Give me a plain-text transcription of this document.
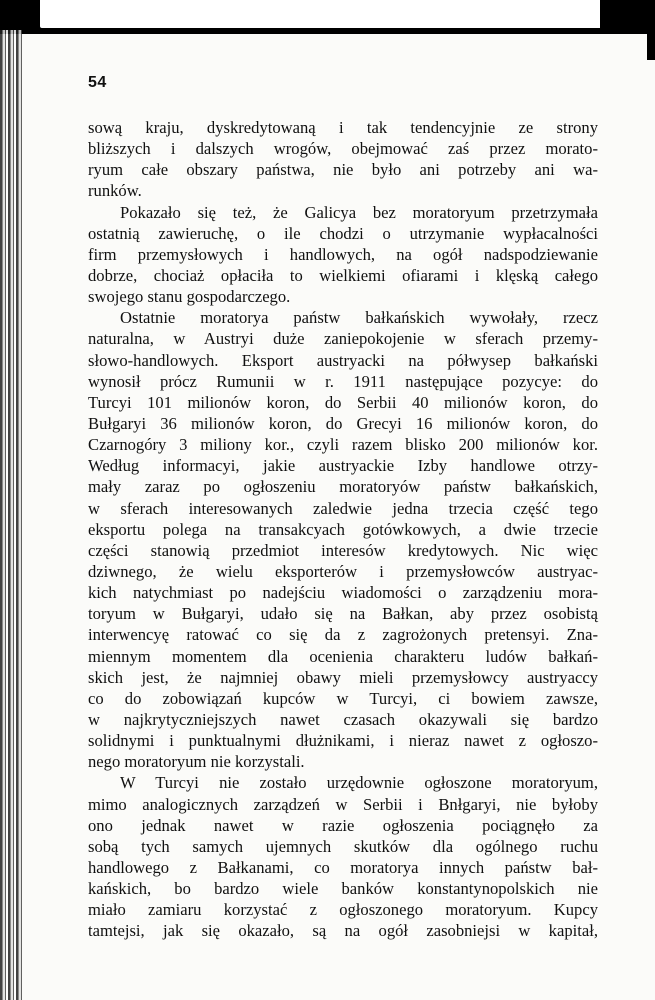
54
sową kraju, dyskredytowaną i tak tendencyjnie ze strony
bliższych i dalszych wrogów, obejmować zaś przez morato-
ryum całe obszary państwa, nie było ani potrzeby ani wa-
runków.
Pokazało się też, że Galicya bez moratoryum przetrzymała
ostatnią zawieruchę, o ile chodzi o utrzymanie wypłacalności
firm przemysłowych i handlowych, na ogół nadspodziewanie
dobrze, chociaż opłaciła to wielkiemi ofiarami i klęską całego
swojego stanu gospodarczego.
Ostatnie moratorya państw bałkańskich wywołały, rzecz
naturalna, w Austryi duże zaniepokojenie w sferach przemy-
słowo-handlowych. Eksport austryacki na półwysep bałkański
wynosił prócz Rumunii w r. 1911 następujące pozycye: do
Turcyi 101 milionów koron, do Serbii 40 milionów koron, do
Bułgaryi 36 milionów koron, do Grecyi 16 milionów koron, do
Czarnogóry 3 miliony kor., czyli razem blisko 200 milionów kor.
Według informacyi, jakie austryackie Izby handlowe otrzy-
mały zaraz po ogłoszeniu moratoryów państw bałkańskich,
w sferach interesowanych zaledwie jedna trzecia część tego
eksportu polega na transakcyach gotówkowych, a dwie trzecie
części stanowią przedmiot interesów kredytowych. Nic więc
dziwnego, że wielu eksporterów i przemysłowców austryac-
kich natychmiast po nadejściu wiadomości o zarządzeniu mora-
toryum w Bułgaryi, udało się na Bałkan, aby przez osobistą
interwencyę ratować co się da z zagrożonych pretensyi. Zna-
miennym momentem dla ocenienia charakteru ludów bałkań-
skich jest, że najmniej obawy mieli przemysłowcy austryaccy
co do zobowiązań kupców w Turcyi, ci bowiem zawsze,
w najkrytyczniejszych nawet czasach okazywali się bardzo
solidnymi i punktualnymi dłużnikami, i nieraz nawet z ogłoszo-
nego moratoryum nie korzystali.
W Turcyi nie zostało urzędownie ogłoszone moratoryum,
mimo analogicznych zarządzeń w Serbii i Bnłgaryi, nie byłoby
ono jednak nawet w razie ogłoszenia pociągnęło za
sobą tych samych ujemnych skutków dla ogólnego ruchu
handlowego z Bałkanami, co moratorya innych państw bał-
kańskich, bo bardzo wiele banków konstantynopolskich nie
miało zamiaru korzystać z ogłoszonego moratoryum. Kupcy
tamtejsi, jak się okazało, są na ogół zasobniejsi w kapitał,
